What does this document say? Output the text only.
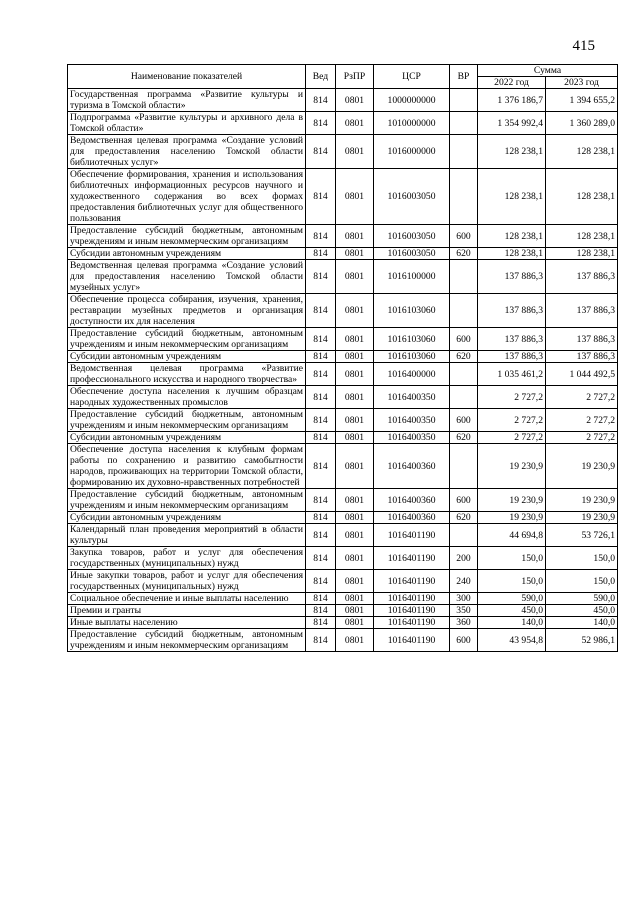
415
Наименование показателей	Вед	РзПР	ЦСР	ВР	Сумма	
					2022 год	2023 год
Государственная программа «Развитие культуры и туризма в Томской области»	814	0801	1000000000		1 376 186,7	1 394 655,2
Подпрограмма «Развитие культуры и архивного дела в Томской области»	814	0801	1010000000		1 354 992,4	1 360 289,0
Ведомственная целевая программа «Создание условий для предоставления населению Томской области библиотечных услуг»	814	0801	1016000000		128 238,1	128 238,1
Обеспечение формирования, хранения и использования библиотечных информационных ресурсов научного и художественного содержания во всех формах предоставления библиотечных услуг для общественного пользования	814	0801	1016003050		128 238,1	128 238,1
Предоставление субсидий бюджетным, автономным учреждениям и иным некоммерческим организациям	814	0801	1016003050	600	128 238,1	128 238,1
Субсидии автономным учреждениям	814	0801	1016003050	620	128 238,1	128 238,1
Ведомственная целевая программа «Создание условий для предоставления населению Томской области музейных услуг»	814	0801	1016100000		137 886,3	137 886,3
Обеспечение процесса собирания, изучения, хранения, реставрации музейных предметов и организация доступности их для населения	814	0801	1016103060		137 886,3	137 886,3
Предоставление субсидий бюджетным, автономным учреждениям и иным некоммерческим организациям	814	0801	1016103060	600	137 886,3	137 886,3
Субсидии автономным учреждениям	814	0801	1016103060	620	137 886,3	137 886,3
Ведомственная целевая программа «Развитие профессионального искусства и народного творчества»	814	0801	1016400000		1 035 461,2	1 044 492,5
Обеспечение доступа населения к лучшим образцам народных художественных промыслов	814	0801	1016400350		2 727,2	2 727,2
Предоставление субсидий бюджетным, автономным учреждениям и иным некоммерческим организациям	814	0801	1016400350	600	2 727,2	2 727,2
Субсидии автономным учреждениям	814	0801	1016400350	620	2 727,2	2 727,2
Обеспечение доступа населения к клубным формам работы по сохранению и развитию самобытности народов, проживающих на территории Томской области, формированию их духовно-нравственных потребностей	814	0801	1016400360		19 230,9	19 230,9
Предоставление субсидий бюджетным, автономным учреждениям и иным некоммерческим организациям	814	0801	1016400360	600	19 230,9	19 230,9
Субсидии автономным учреждениям	814	0801	1016400360	620	19 230,9	19 230,9
Календарный план проведения мероприятий в области культуры	814	0801	1016401190		44 694,8	53 726,1
Закупка товаров, работ и услуг для обеспечения государственных (муниципальных) нужд	814	0801	1016401190	200	150,0	150,0
Иные закупки товаров, работ и услуг для обеспечения государственных (муниципальных) нужд	814	0801	1016401190	240	150,0	150,0
Социальное обеспечение и иные выплаты населению	814	0801	1016401190	300	590,0	590,0
Премии и гранты	814	0801	1016401190	350	450,0	450,0
Иные выплаты населению	814	0801	1016401190	360	140,0	140,0
Предоставление субсидий бюджетным, автономным учреждениям и иным некоммерческим организациям	814	0801	1016401190	600	43 954,8	52 986,1
